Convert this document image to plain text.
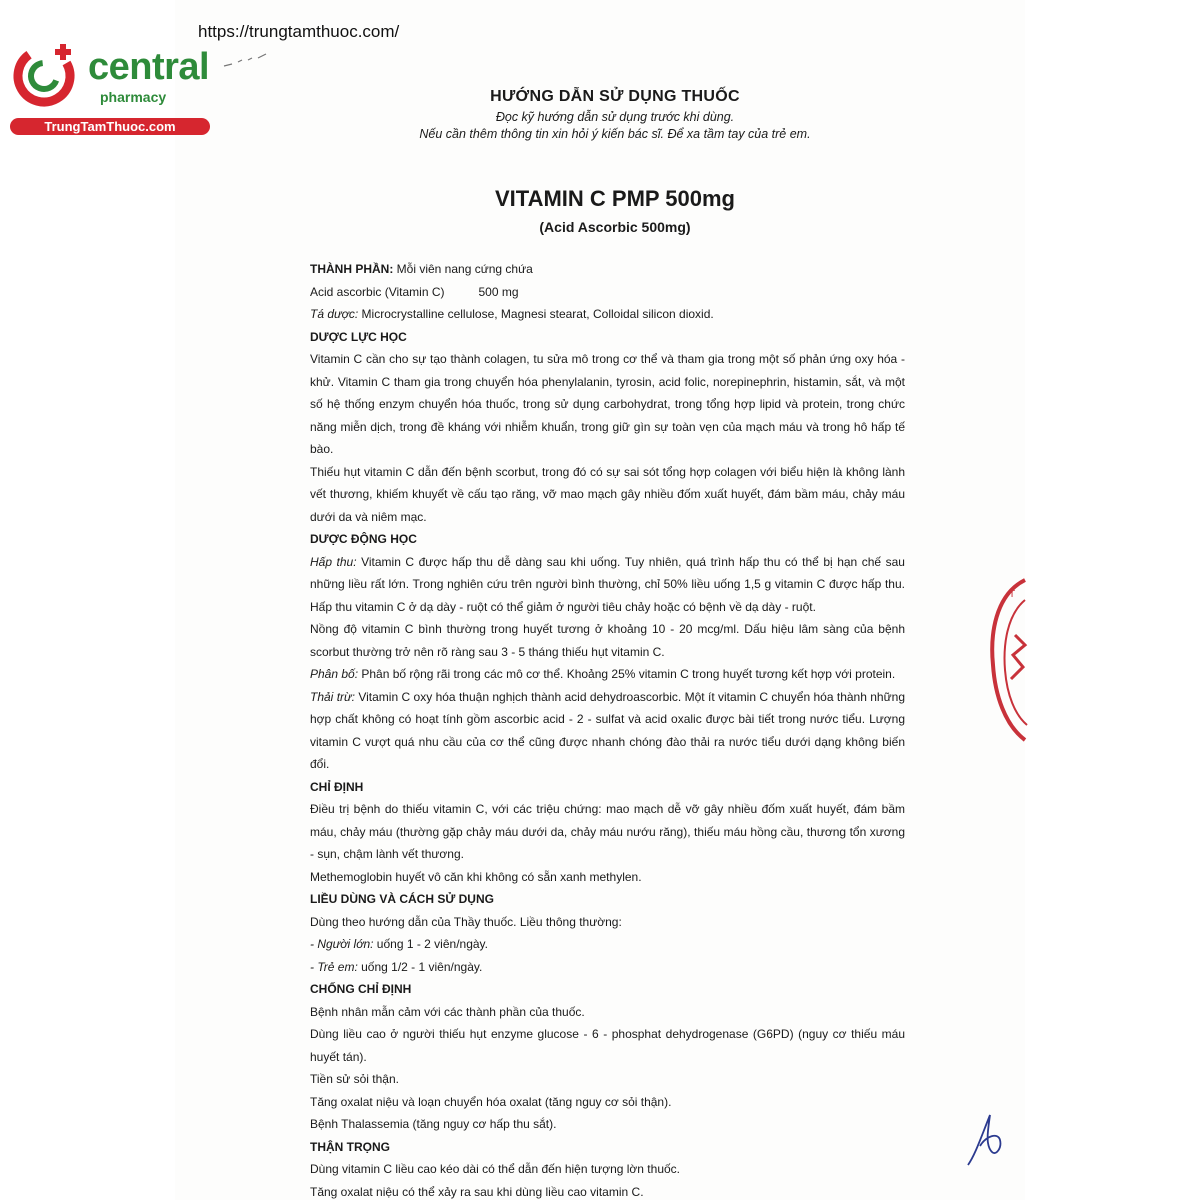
https://trungtamthuoc.com/
central
pharmacy
TrungTamThuoc.com
HƯỚNG DẪN SỬ DỤNG THUỐC
Đọc kỹ hướng dẫn sử dụng trước khi dùng.
Nếu cần thêm thông tin xin hỏi ý kiến bác sĩ. Để xa tầm tay của trẻ em.
VITAMIN C PMP 500mg
(Acid Ascorbic 500mg)

THÀNH PHẦN: Mỗi viên nang cứng chứa

Acid ascorbic (Vitamin C)	500 mg

Tá dược: Microcrystalline cellulose, Magnesi stearat, Colloidal silicon dioxid.

DƯỢC LỰC HỌC

Vitamin C cần cho sự tạo thành colagen, tu sửa mô trong cơ thể và tham gia trong một số phản ứng oxy hóa - khử. Vitamin C tham gia trong chuyển hóa phenylalanin, tyrosin, acid folic, norepinephrin, histamin, sắt, và một số hệ thống enzym chuyển hóa thuốc, trong sử dụng carbohydrat, trong tổng hợp lipid và protein, trong chức năng miễn dịch, trong đề kháng với nhiễm khuẩn, trong giữ gìn sự toàn vẹn của mạch máu và trong hô hấp tế bào.

Thiếu hụt vitamin C dẫn đến bệnh scorbut, trong đó có sự sai sót tổng hợp colagen với biểu hiện là không lành vết thương, khiếm khuyết về cấu tạo răng, vỡ mao mạch gây nhiều đốm xuất huyết, đám bầm máu, chảy máu dưới da và niêm mạc.

DƯỢC ĐỘNG HỌC

Hấp thu: Vitamin C được hấp thu dễ dàng sau khi uống. Tuy nhiên, quá trình hấp thu có thể bị hạn chế sau những liều rất lớn. Trong nghiên cứu trên người bình thường, chỉ 50% liều uống 1,5 g vitamin C được hấp thu. Hấp thu vitamin C ở dạ dày - ruột có thể giảm ở người tiêu chảy hoặc có bệnh về dạ dày - ruột.

Nồng độ vitamin C bình thường trong huyết tương ở khoảng 10 - 20 mcg/ml. Dấu hiệu lâm sàng của bệnh scorbut thường trở nên rõ ràng sau 3 - 5 tháng thiếu hụt vitamin C.

Phân bố: Phân bố rộng rãi trong các mô cơ thể. Khoảng 25% vitamin C trong huyết tương kết hợp với protein.

Thải trừ: Vitamin C oxy hóa thuận nghịch thành acid dehydroascorbic. Một ít vitamin C chuyển hóa thành những hợp chất không có hoạt tính gồm ascorbic acid - 2 - sulfat và acid oxalic được bài tiết trong nước tiểu. Lượng vitamin C vượt quá nhu cầu của cơ thể cũng được nhanh chóng đào thải ra nước tiểu dưới dạng không biến đổi.

CHỈ ĐỊNH

Điều trị bệnh do thiếu vitamin C, với các triệu chứng: mao mạch dễ vỡ gây nhiều đốm xuất huyết, đám bầm máu, chảy máu (thường gặp chảy máu dưới da, chảy máu nướu răng), thiếu máu hồng cầu, thương tổn xương - sụn, chậm lành vết thương.

Methemoglobin huyết vô căn khi không có sẵn xanh methylen.

LIỀU DÙNG VÀ CÁCH SỬ DỤNG

Dùng theo hướng dẫn của Thầy thuốc. Liều thông thường:

- Người lớn: uống 1 - 2 viên/ngày.

- Trẻ em: uống 1/2 - 1 viên/ngày.

CHỐNG CHỈ ĐỊNH

Bệnh nhân mẫn cảm với các thành phần của thuốc.

Dùng liều cao ở người thiếu hụt enzyme glucose - 6 - phosphat dehydrogenase (G6PD) (nguy cơ thiếu máu huyết tán).

Tiền sử sỏi thận.

Tăng oxalat niệu và loạn chuyển hóa oxalat (tăng nguy cơ sỏi thận).

Bệnh Thalassemia (tăng nguy cơ hấp thu sắt).

THẬN TRỌNG

Dùng vitamin C liều cao kéo dài có thể dẫn đến hiện tượng lờn thuốc.

Tăng oxalat niệu có thể xảy ra sau khi dùng liều cao vitamin C.

T
